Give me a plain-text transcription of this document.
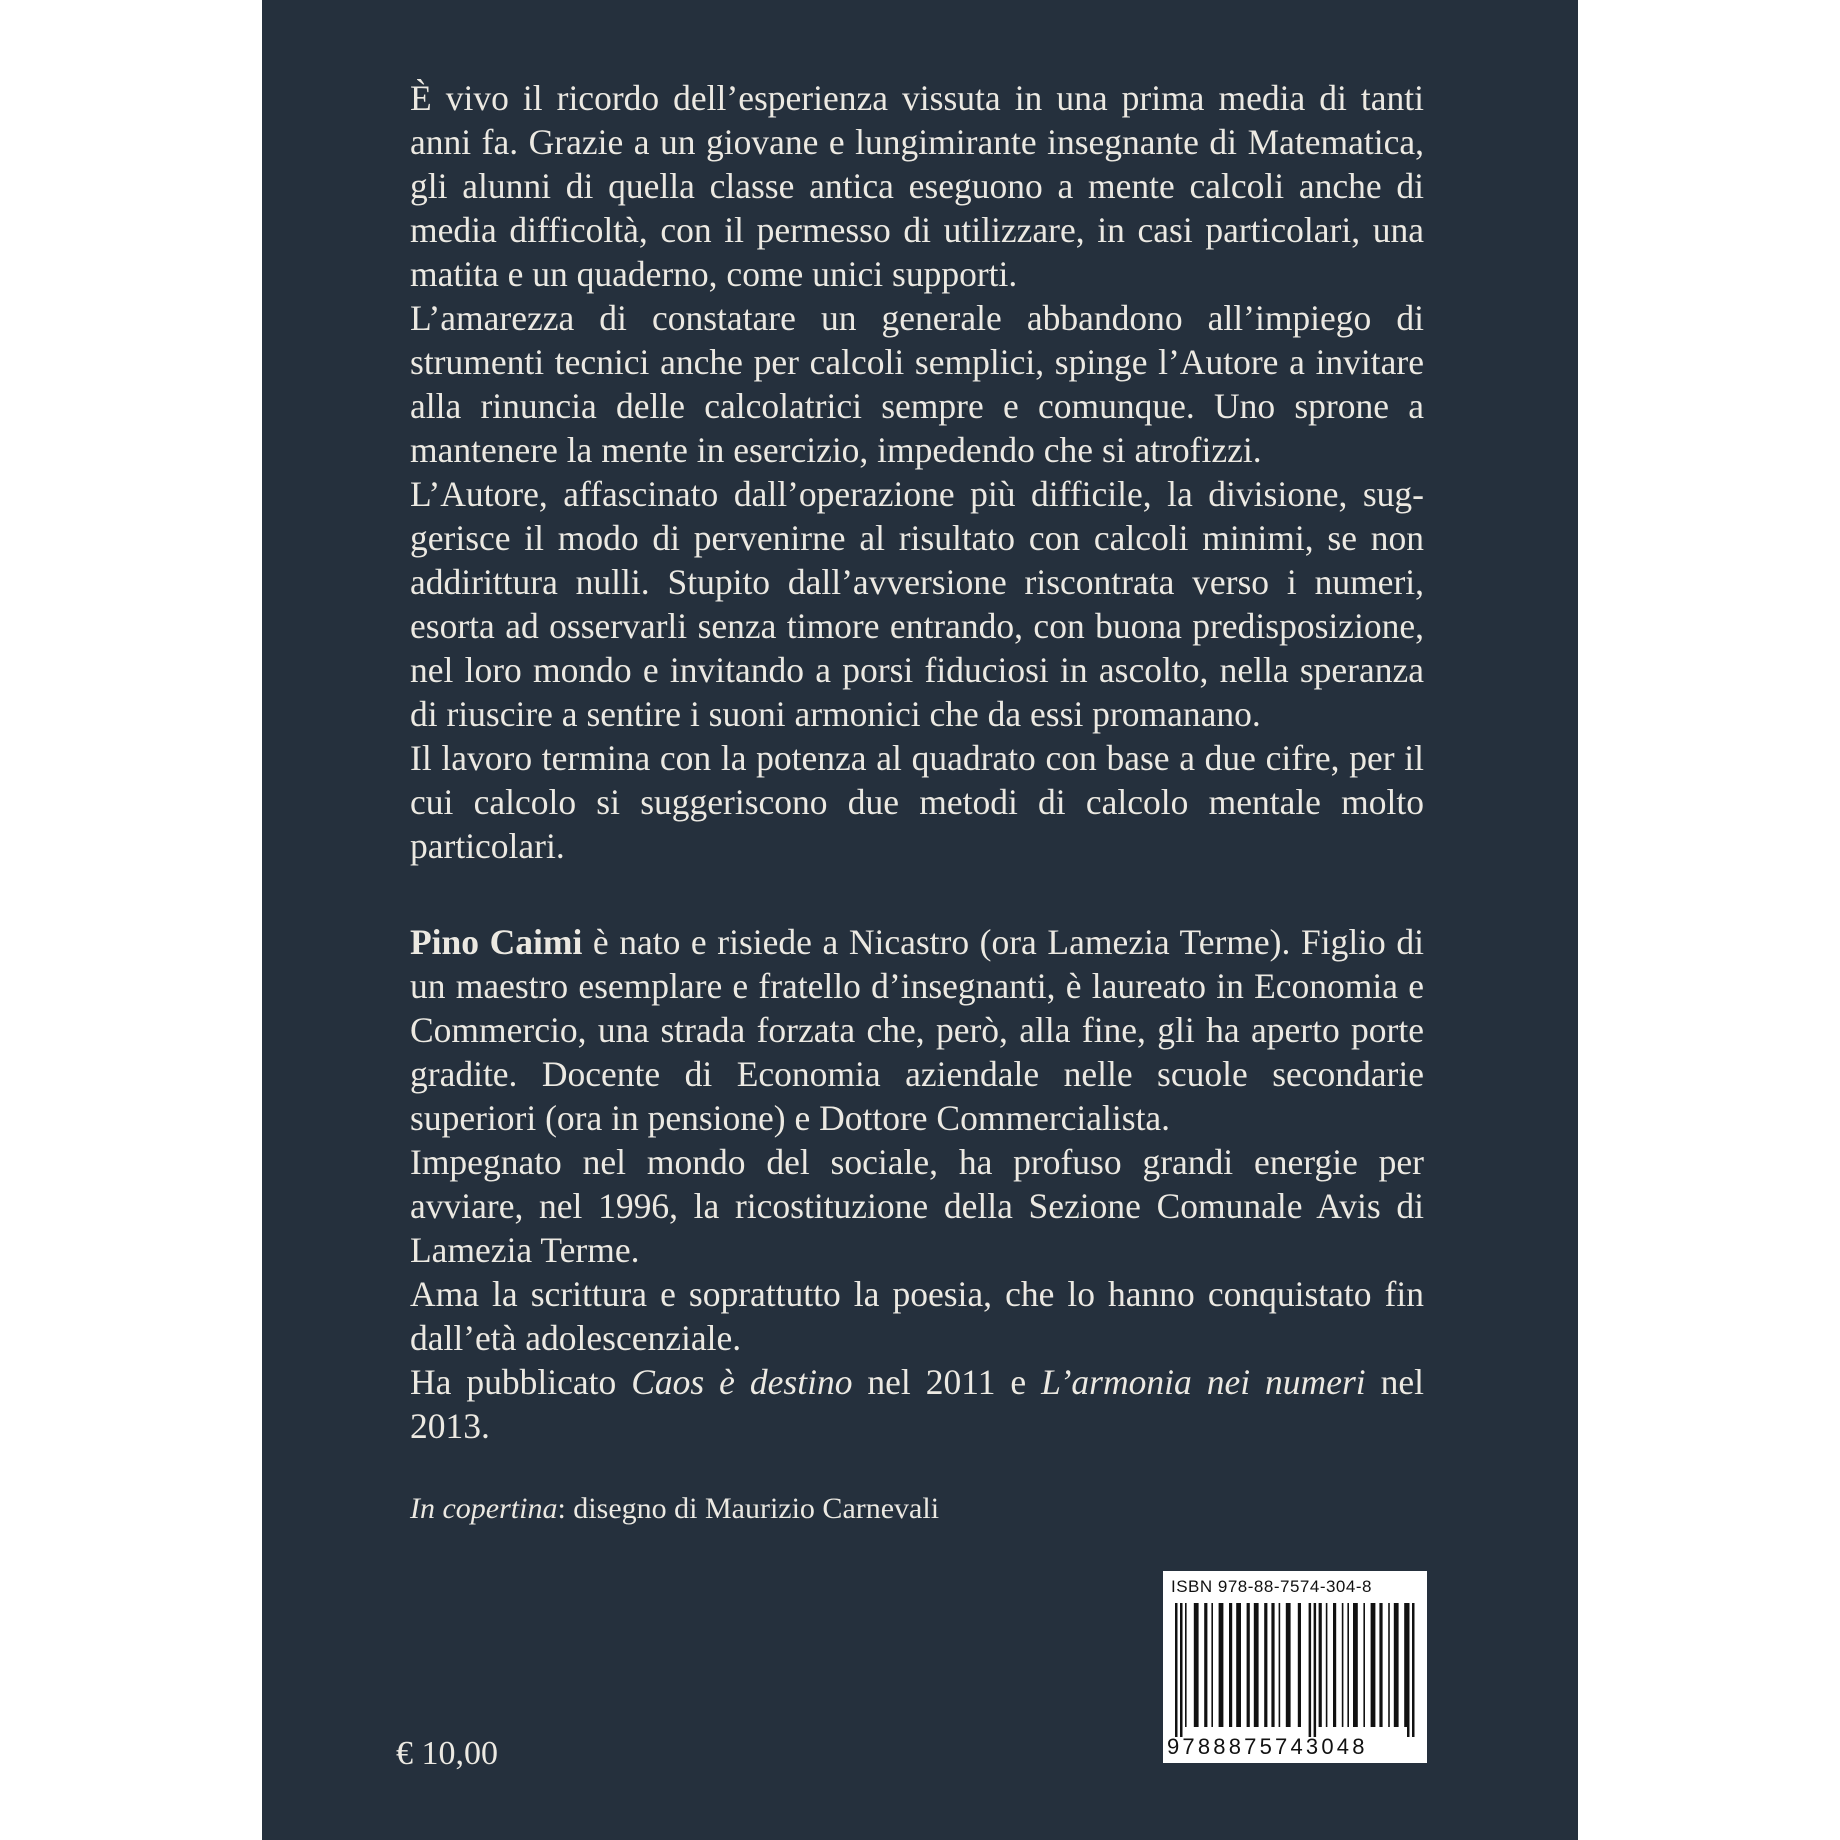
È vivo il ricordo dell’esperienza vissuta in una prima media di tanti anni fa. Grazie a un giovane e lungimirante insegnante di Matematica, gli alunni di quella classe antica eseguono a mente calcoli anche di media difficoltà, con il permesso di utilizzare, in casi particolari, una matita e un quaderno, come unici supporti.

L’amarezza di constatare un generale abbandono all’impiego di strumenti tecnici anche per calcoli semplici, spinge l’Autore a invitare alla rinuncia delle calcolatrici sempre e comunque. Uno sprone a mantenere la mente in esercizio, impedendo che si atrofizzi.

L’Autore, affascinato dall’operazione più difficile, la divisione, suggerisce il modo di pervenirne al risultato con calcoli minimi, se non addirittura nulli. Stupito dall’avversione riscontrata verso i numeri, esorta ad osservarli senza timore entrando, con buona predisposizione, nel loro mondo e invitando a porsi fiduciosi in ascolto, nella speranza di riuscire a sentire i suoni armonici che da essi promanano.

Il lavoro termina con la potenza al quadrato con base a due cifre, per il cui calcolo si suggeriscono due metodi di calcolo mentale molto particolari.

Pino Caimi è nato e risiede a Nicastro (ora Lamezia Terme). Figlio di un maestro esemplare e fratello d’insegnanti, è laureato in Economia e Commercio, una strada forzata che, però, alla fine, gli ha aperto porte gradite. Docente di Economia aziendale nelle scuole secondarie superiori (ora in pensione) e Dottore Commercialista.

Impegnato nel mondo del sociale, ha profuso grandi energie per avviare, nel 1996, la ricostituzione della Sezione Comunale Avis di Lamezia Terme.

Ama la scrittura e soprattutto la poesia, che lo hanno conquistato fin dall’età adolescenziale.

Ha pubblicato Caos è destino nel 2011 e L’armonia nei numeri nel 2013.

In copertina: disegno di Maurizio Carnevali
€ 10,00
ISBN 978-88-7574-304-8
9788875743048
